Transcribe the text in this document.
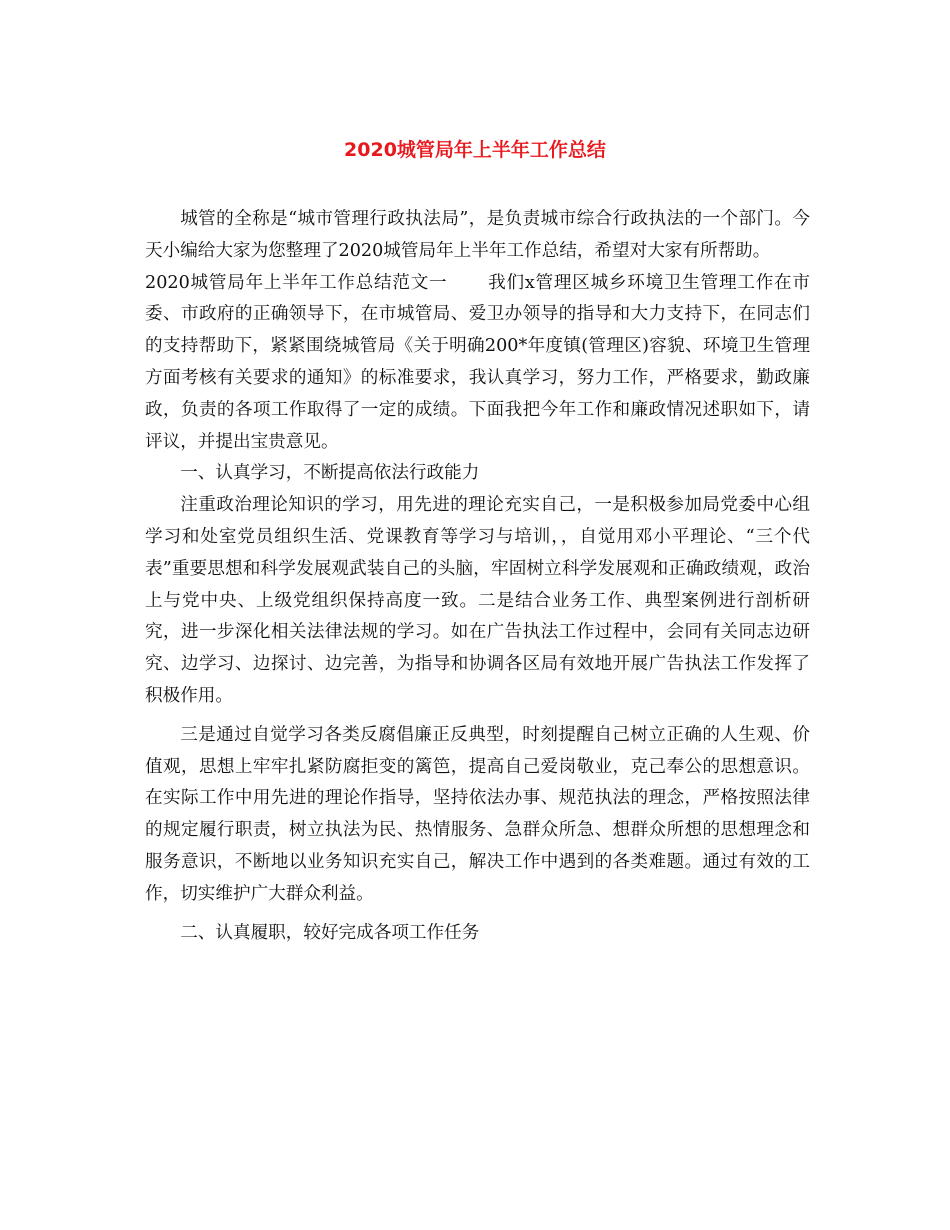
2020城管局年上半年工作总结

城管的全称是“城市管理行政执法局”，是负责城市综合行政执法的一个部门。今天小编给大家为您整理了2020城管局年上半年工作总结，希望对大家有所帮助。

2020城管局年上半年工作总结范文一 我们x管理区城乡环境卫生管理工作在市委、市政府的正确领导下，在市城管局、爱卫办领导的指导和大力支持下，在同志们的支持帮助下，紧紧围绕城管局《关于明确200*年度镇(管理区)容貌、环境卫生管理方面考核有关要求的通知》的标准要求，我认真学习，努力工作，严格要求，勤政廉政，负责的各项工作取得了一定的成绩。下面我把今年工作和廉政情况述职如下，请评议，并提出宝贵意见。

一、认真学习，不断提高依法行政能力

注重政治理论知识的学习，用先进的理论充实自己，一是积极参加局党委中心组学习和处室党员组织生活、党课教育等学习与培训，，自觉用邓小平理论、“三个代表”重要思想和科学发展观武装自己的头脑，牢固树立科学发展观和正确政绩观，政治上与党中央、上级党组织保持高度一致。二是结合业务工作、典型案例进行剖析研究，进一步深化相关法律法规的学习。如在广告执法工作过程中，会同有关同志边研究、边学习、边探讨、边完善，为指导和协调各区局有效地开展广告执法工作发挥了积极作用。

三是通过自觉学习各类反腐倡廉正反典型，时刻提醒自己树立正确的人生观、价值观，思想上牢牢扎紧防腐拒变的篱笆，提高自己爱岗敬业，克己奉公的思想意识。在实际工作中用先进的理论作指导，坚持依法办事、规范执法的理念，严格按照法律的规定履行职责，树立执法为民、热情服务、急群众所急、想群众所想的思想理念和服务意识，不断地以业务知识充实自己，解决工作中遇到的各类难题。通过有效的工作，切实维护广大群众利益。

二、认真履职，较好完成各项工作任务
